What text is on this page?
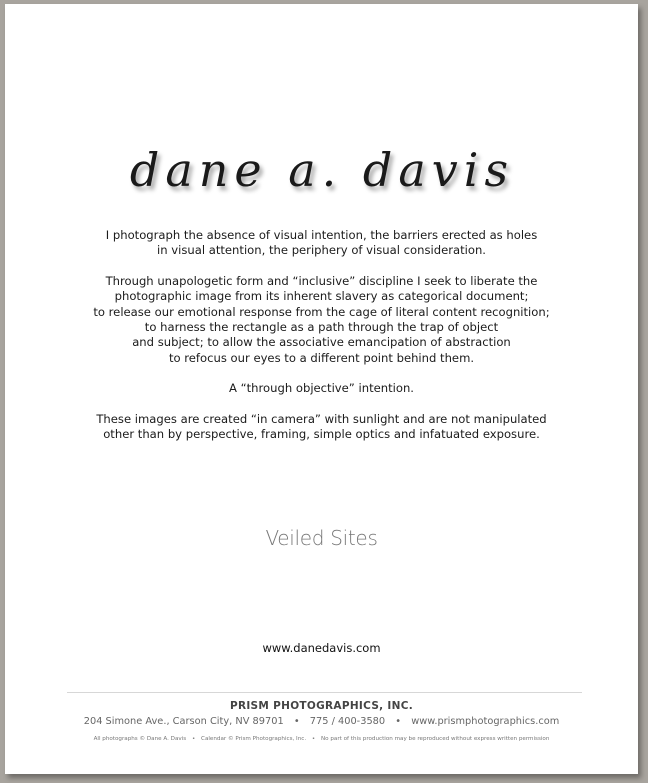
dane a. davis

I photograph the absence of visual intention, the barriers erected as holes
in visual attention, the periphery of visual consideration.

Through unapologetic form and “inclusive” discipline I seek to liberate the
photographic image from its inherent slavery as categorical document;
to release our emotional response from the cage of literal content recognition;
to harness the rectangle as a path through the trap of object
and subject; to allow the associative emancipation of abstraction
to refocus our eyes to a different point behind them.

A “through objective” intention.

These images are created “in camera” with sunlight and are not manipulated
other than by perspective, framing, simple optics and infatuated exposure.

Veiled Sites
www.danedavis.com
PRISM PHOTOGRAPHICS, INC.
204 Simone Ave., Carson City, NV 89701 • 775 / 400-3580 • www.prismphotographics.com
All photographs © Dane A. Davis • Calendar © Prism Photographics, Inc. • No part of this production may be reproduced without express written permission
